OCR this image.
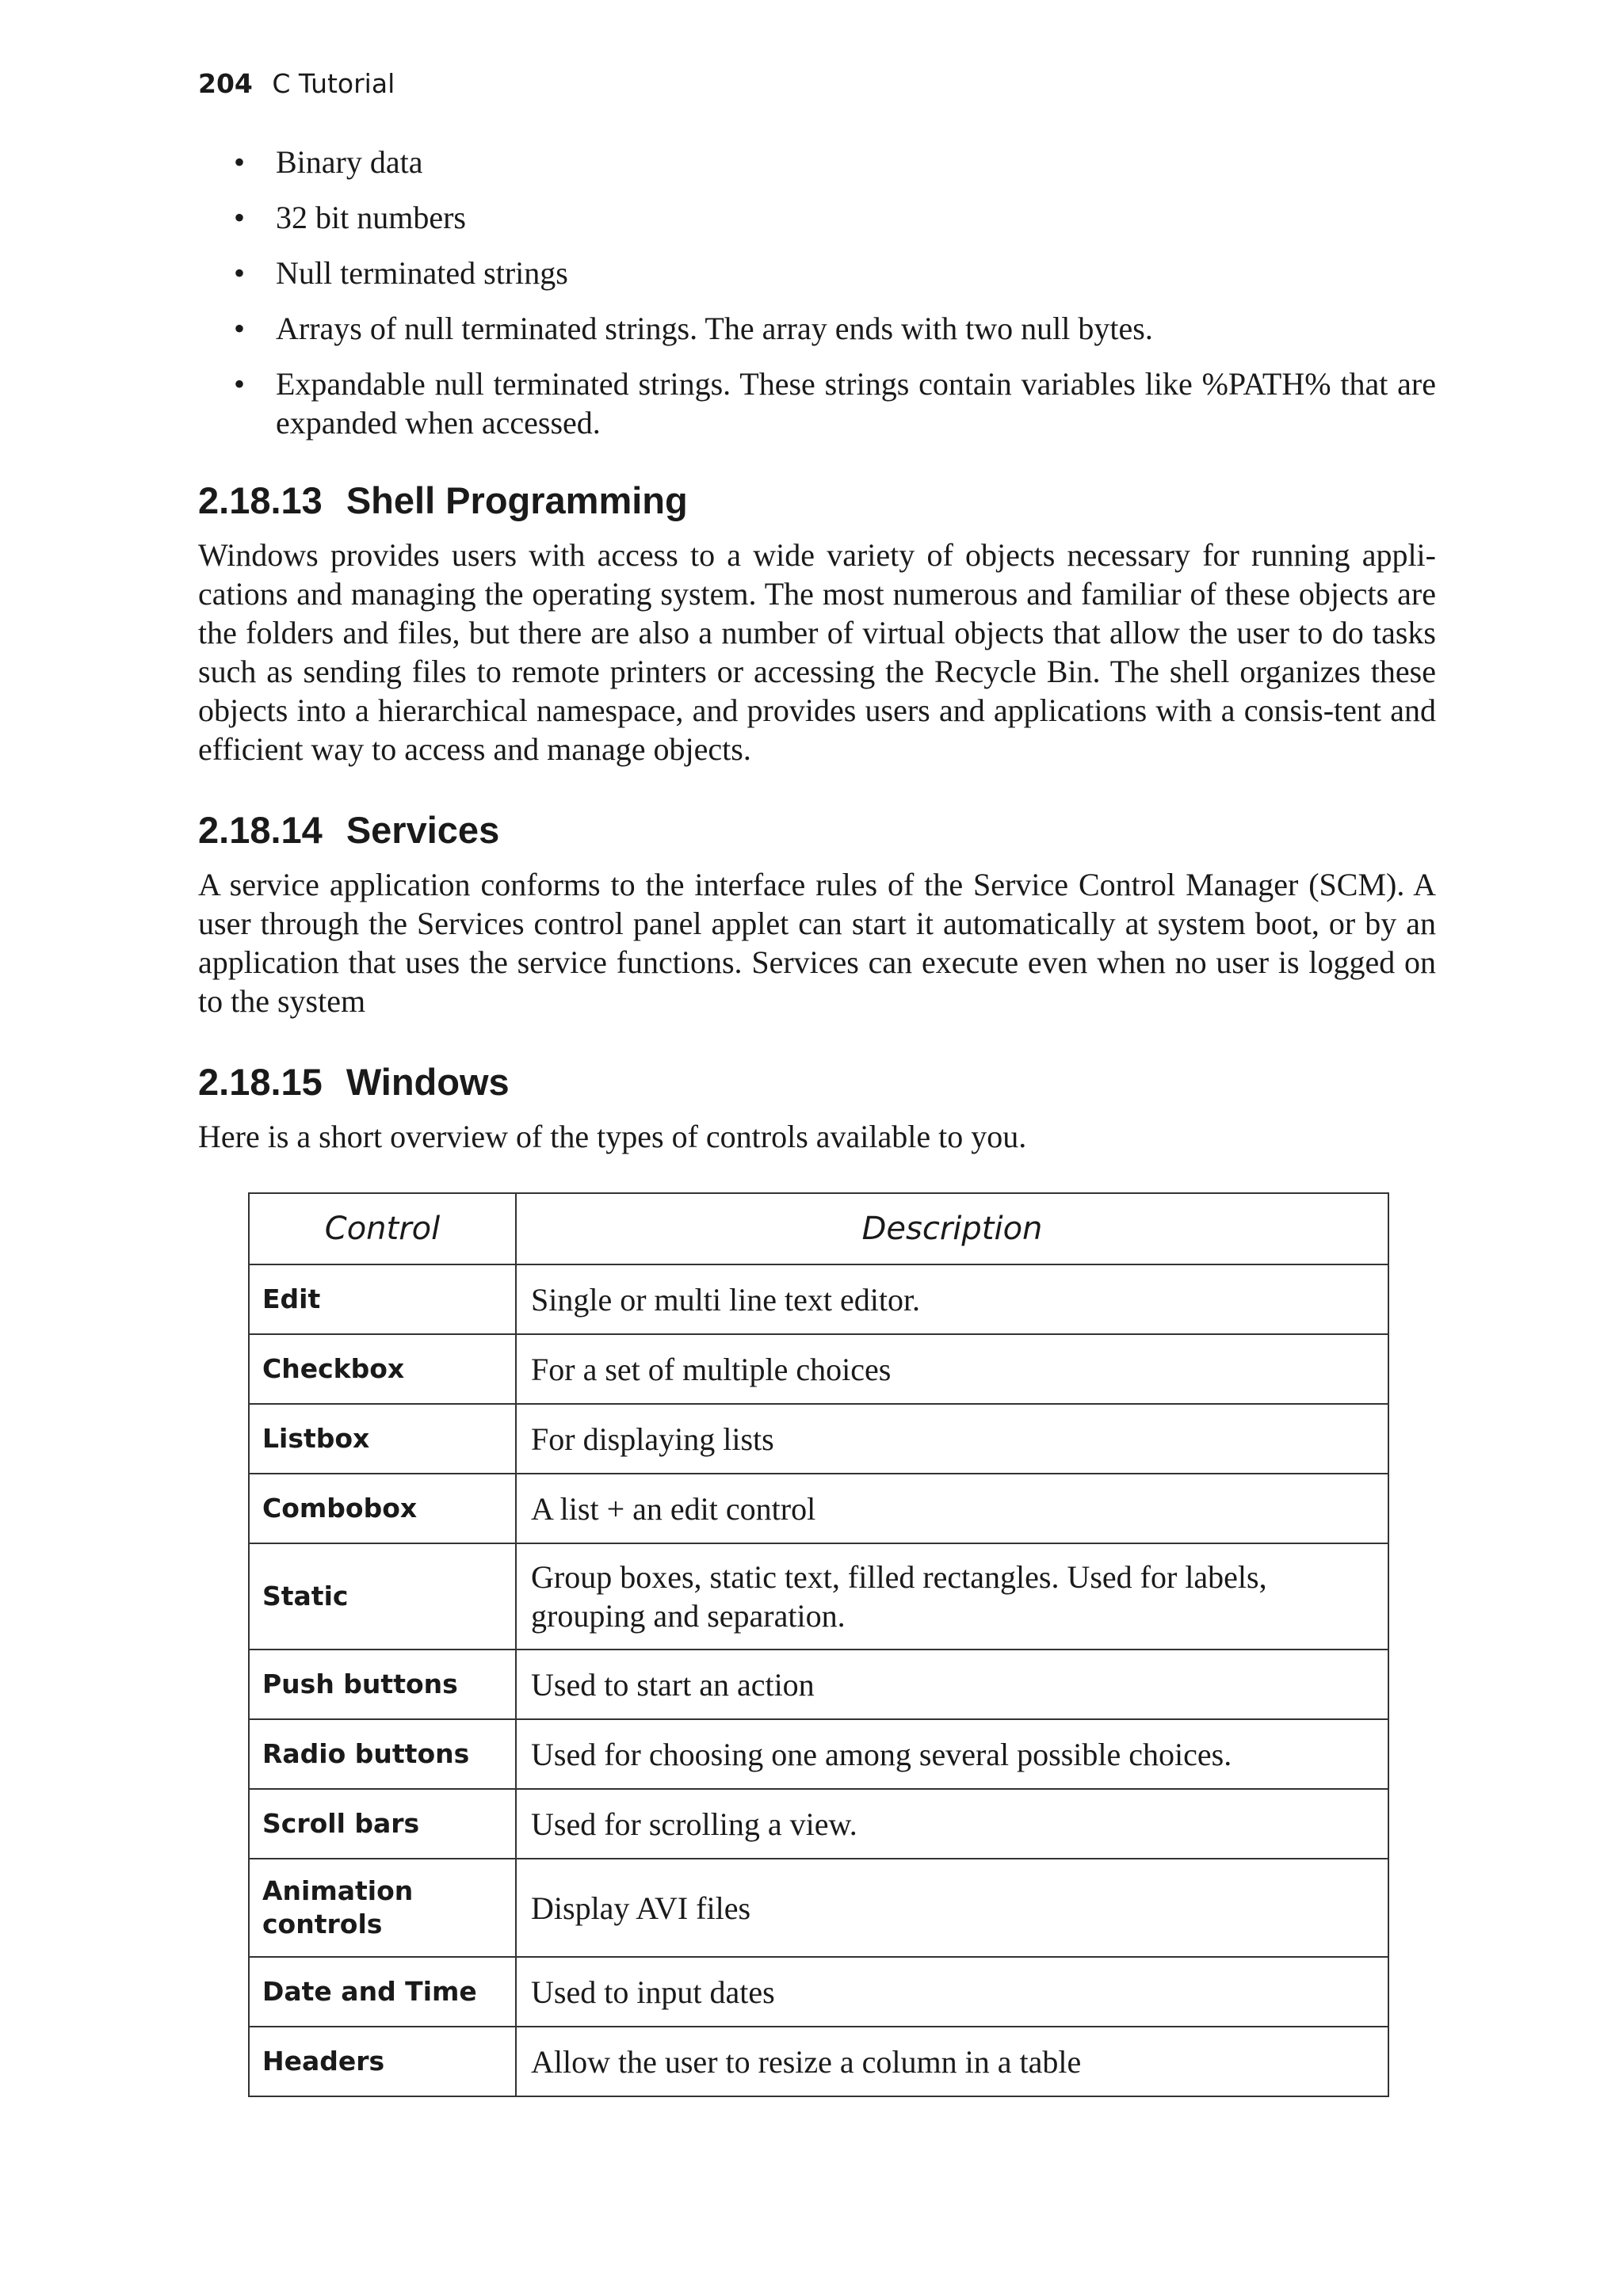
204 C Tutorial
• Binary data
• 32 bit numbers
• Null terminated strings
• Arrays of null terminated strings. The array ends with two null bytes.
• Expandable null terminated strings. These strings contain variables like %PATH% that are expanded when accessed.
2.18.13 Shell Programming

Windows provides users with access to a wide variety of objects necessary for running appli-cations and managing the operating system. The most numerous and familiar of these objects are the folders and files, but there are also a number of virtual objects that allow the user to do tasks such as sending files to remote printers or accessing the Recycle Bin. The shell organizes these objects into a hierarchical namespace, and provides users and applications with a consis-tent and efficient way to access and manage objects.

2.18.14 Services

A service application conforms to the interface rules of the Service Control Manager (SCM). A user through the Services control panel applet can start it automatically at system boot, or by an application that uses the service functions. Services can execute even when no user is logged on to the system

2.18.15 Windows

Here is a short overview of the types of controls available to you.

Control	Description
Edit	Single or multi line text editor.
Checkbox	For a set of multiple choices
Listbox	For displaying lists
Combobox	A list + an edit control
Static	Group boxes, static text, filled rectangles. Used for labels, grouping and separation.
Push buttons	Used to start an action
Radio buttons	Used for choosing one among several possible choices.
Scroll bars	Used for scrolling a view.
Animation controls	Display AVI files
Date and Time	Used to input dates
Headers	Allow the user to resize a column in a table
